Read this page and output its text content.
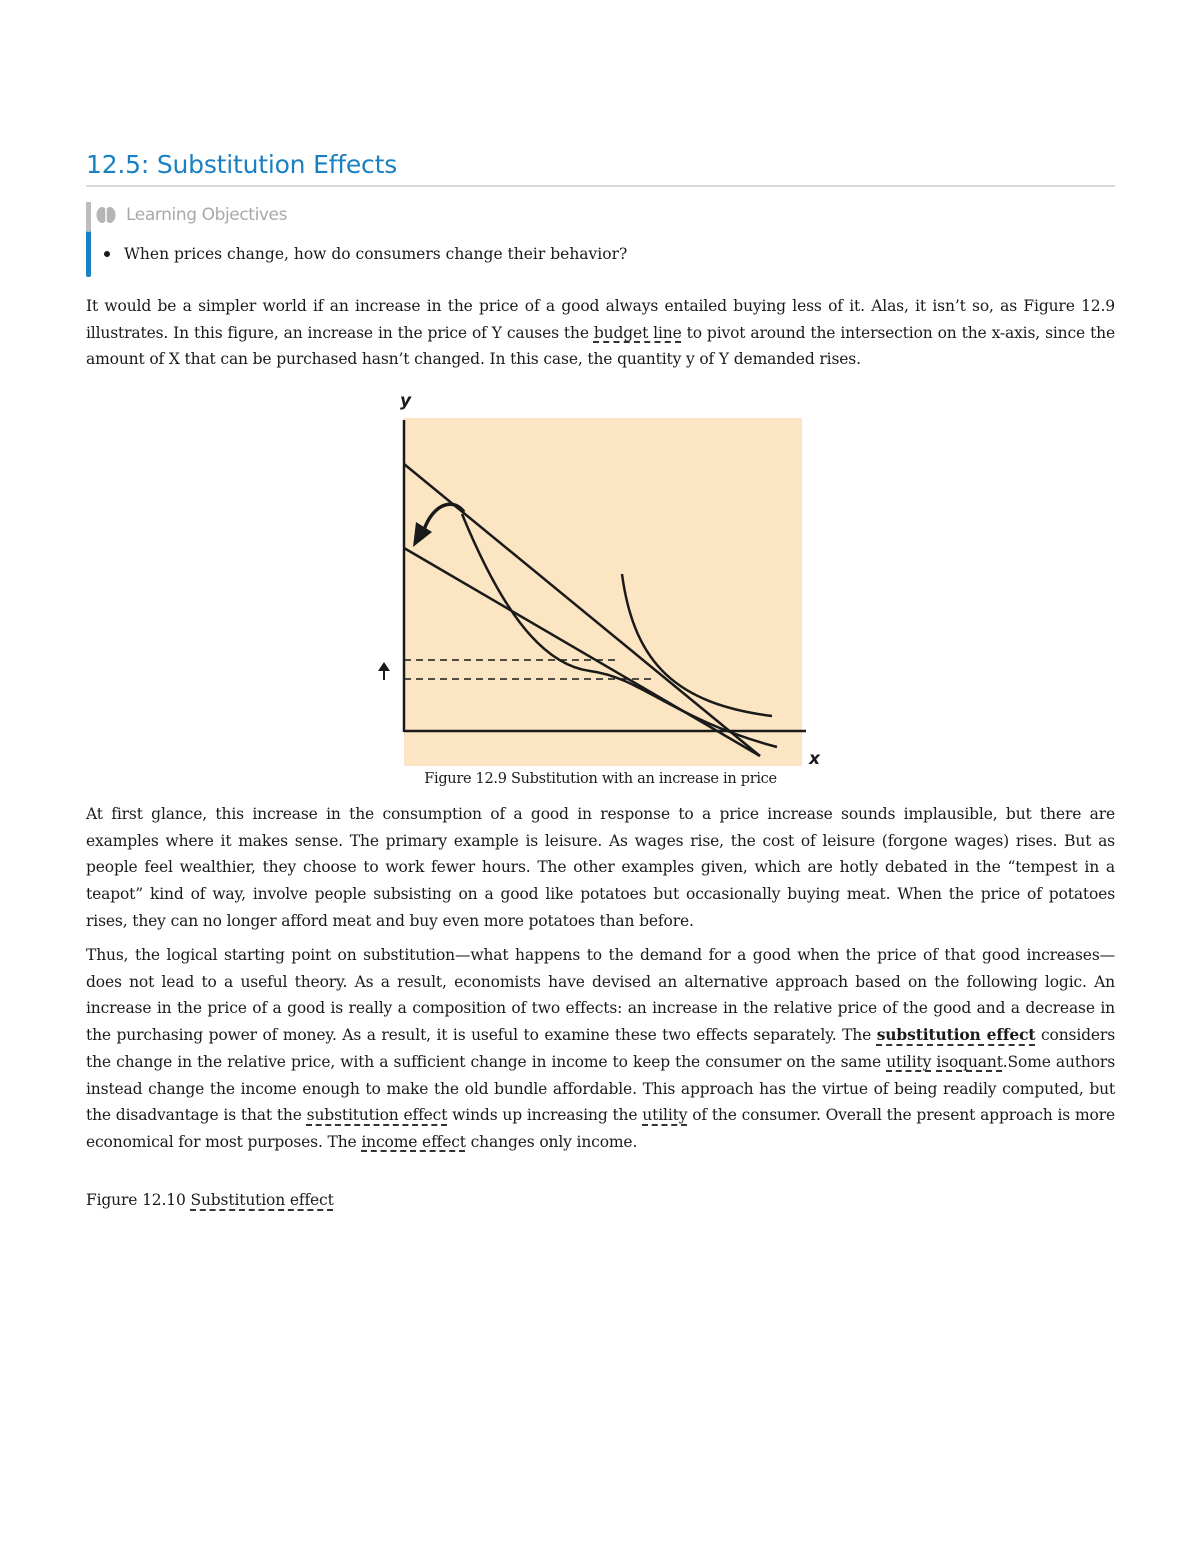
12.5: Substitution Effects
Learning Objectives
When prices change, how do consumers change their behavior?

It would be a simpler world if an increase in the price of a good always entailed buying less of it. Alas, it isn’t so, as Figure 12.9 illustrates. In this figure, an increase in the price of Y causes the budget line to pivot around the intersection on the x-axis, since the amount of X that can be purchased hasn’t changed. In this case, the quantity y of Y demanded rises.

y
x
Figure 12.9 Substitution with an increase in price

At first glance, this increase in the consumption of a good in response to a price increase sounds implausible, but there are examples where it makes sense. The primary example is leisure. As wages rise, the cost of leisure (forgone wages) rises. But as people feel wealthier, they choose to work fewer hours. The other examples given, which are hotly debated in the “tempest in a teapot” kind of way, involve people subsisting on a good like potatoes but occasionally buying meat. When the price of potatoes rises, they can no longer afford meat and buy even more potatoes than before.

Thus, the logical starting point on substitution—what happens to the demand for a good when the price of that good increases—does not lead to a useful theory. As a result, economists have devised an alternative approach based on the following logic. An increase in the price of a good is really a composition of two effects: an increase in the relative price of the good and a decrease in the purchasing power of money. As a result, it is useful to examine these two effects separately. The substitution effect considers the change in the relative price, with a sufficient change in income to keep the consumer on the same utility isoquant.Some authors instead change the income enough to make the old bundle affordable. This approach has the virtue of being readily computed, but the disadvantage is that the substitution effect winds up increasing the utility of the consumer. Overall the present approach is more economical for most purposes. The income effect changes only income.

Figure 12.10 Substitution effect
